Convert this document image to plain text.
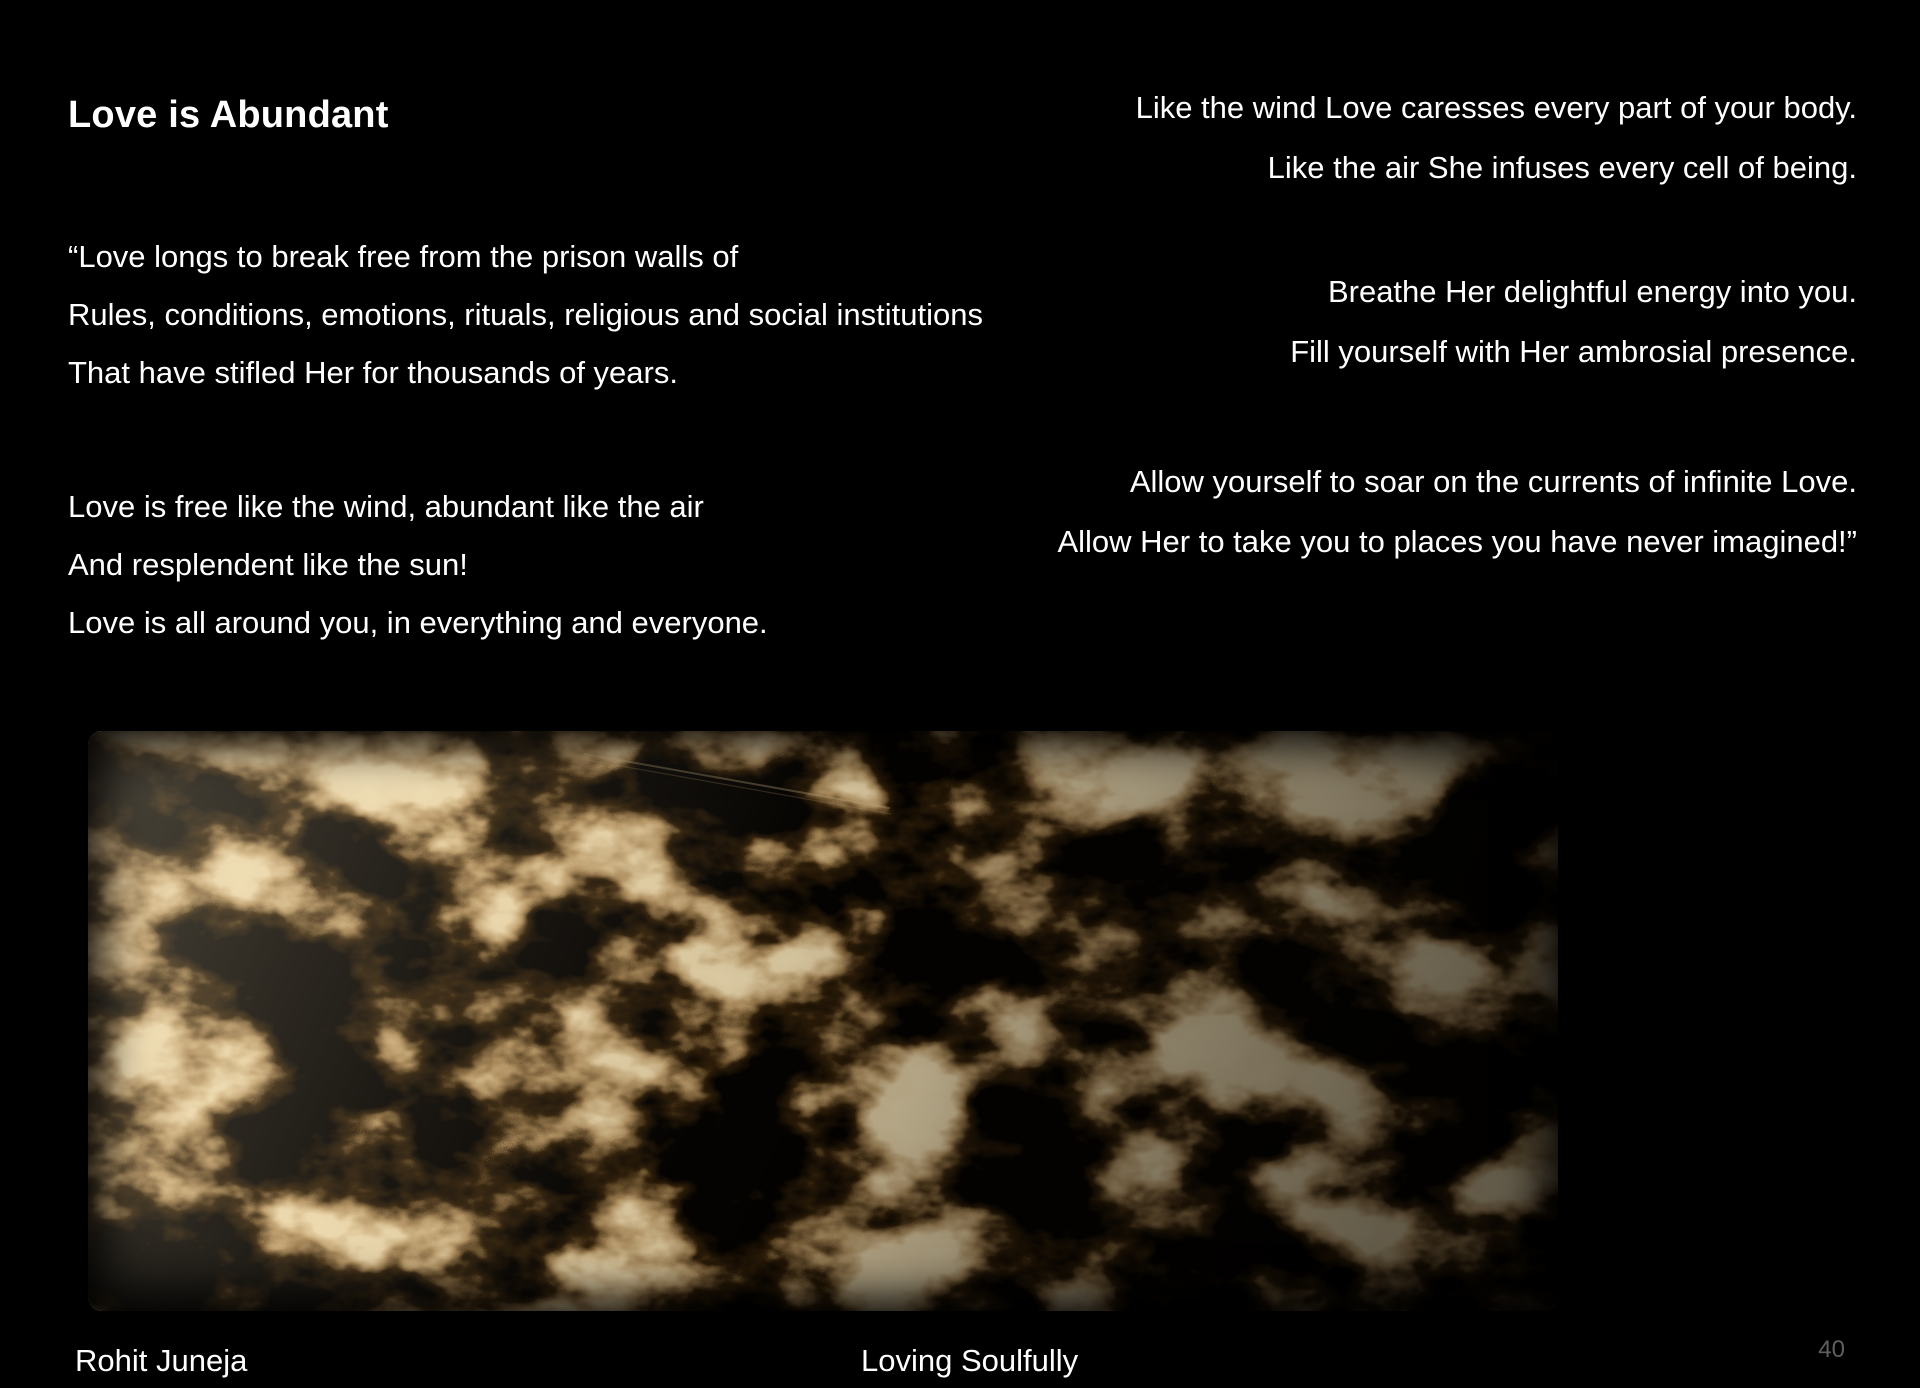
Love is Abundant

“Love longs to break free from the prison walls of

Rules, conditions, emotions, rituals, religious and social institutions

That have stifled Her for thousands of years.

Love is free like the wind, abundant like the air

And resplendent like the sun!

Love is all around you, in everything and everyone.

Like the wind Love caresses every part of your body.

Like the air She infuses every cell of being.

Breathe Her delightful energy into you.

Fill yourself with Her ambrosial presence.

Allow yourself to soar on the currents of infinite Love.

Allow Her to take you to places you have never imagined!”

Rohit Juneja	Loving Soulfully	40
